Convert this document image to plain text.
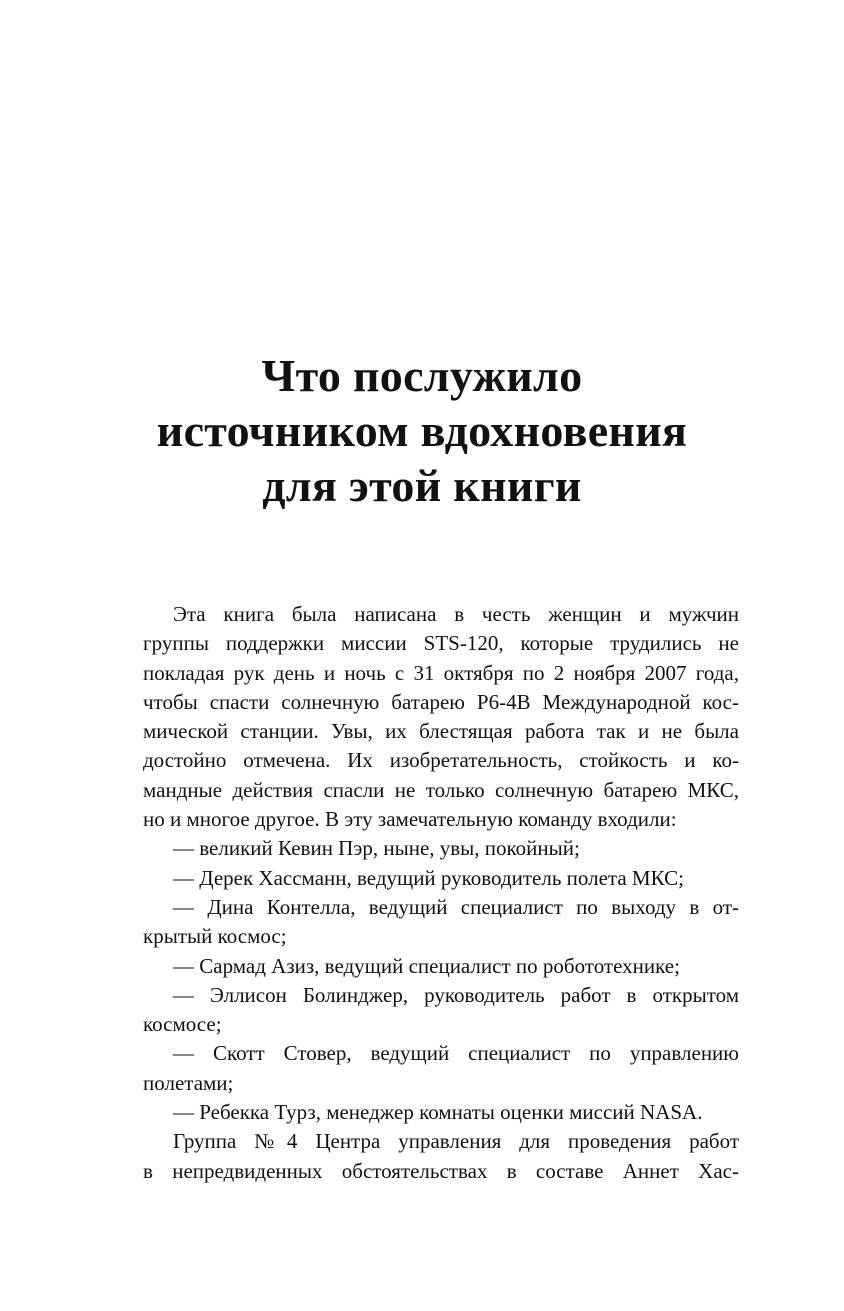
Что послужило
источником вдохновения
для этой книги
Эта книга была написана в честь женщин и мужчин
группы поддержки миссии STS-120, которые трудились не
покладая рук день и ночь с 31 октября по 2 ноября 2007 года,
чтобы спасти солнечную батарею P6-4B Международной кос-
мической станции. Увы, их блестящая работа так и не была
достойно отмечена. Их изобретательность, стойкость и ко-
мандные действия спасли не только солнечную батарею МКС,
но и многое другое. В эту замечательную команду входили:
— великий Кевин Пэр, ныне, увы, покойный;
— Дерек Хассманн, ведущий руководитель полета МКС;
— Дина Контелла, ведущий специалист по выходу в от-
крытый космос;
— Сармад Азиз, ведущий специалист по робототехнике;
— Эллисон Болинджер, руководитель работ в открытом
космосе;
— Скотт Стовер, ведущий специалист по управлению
полетами;
— Ребекка Турз, менеджер комнаты оценки миссий NASA.
Группа №4 Центра управления для проведения работ
в непредвиденных обстоятельствах в составе Аннет Хас-
